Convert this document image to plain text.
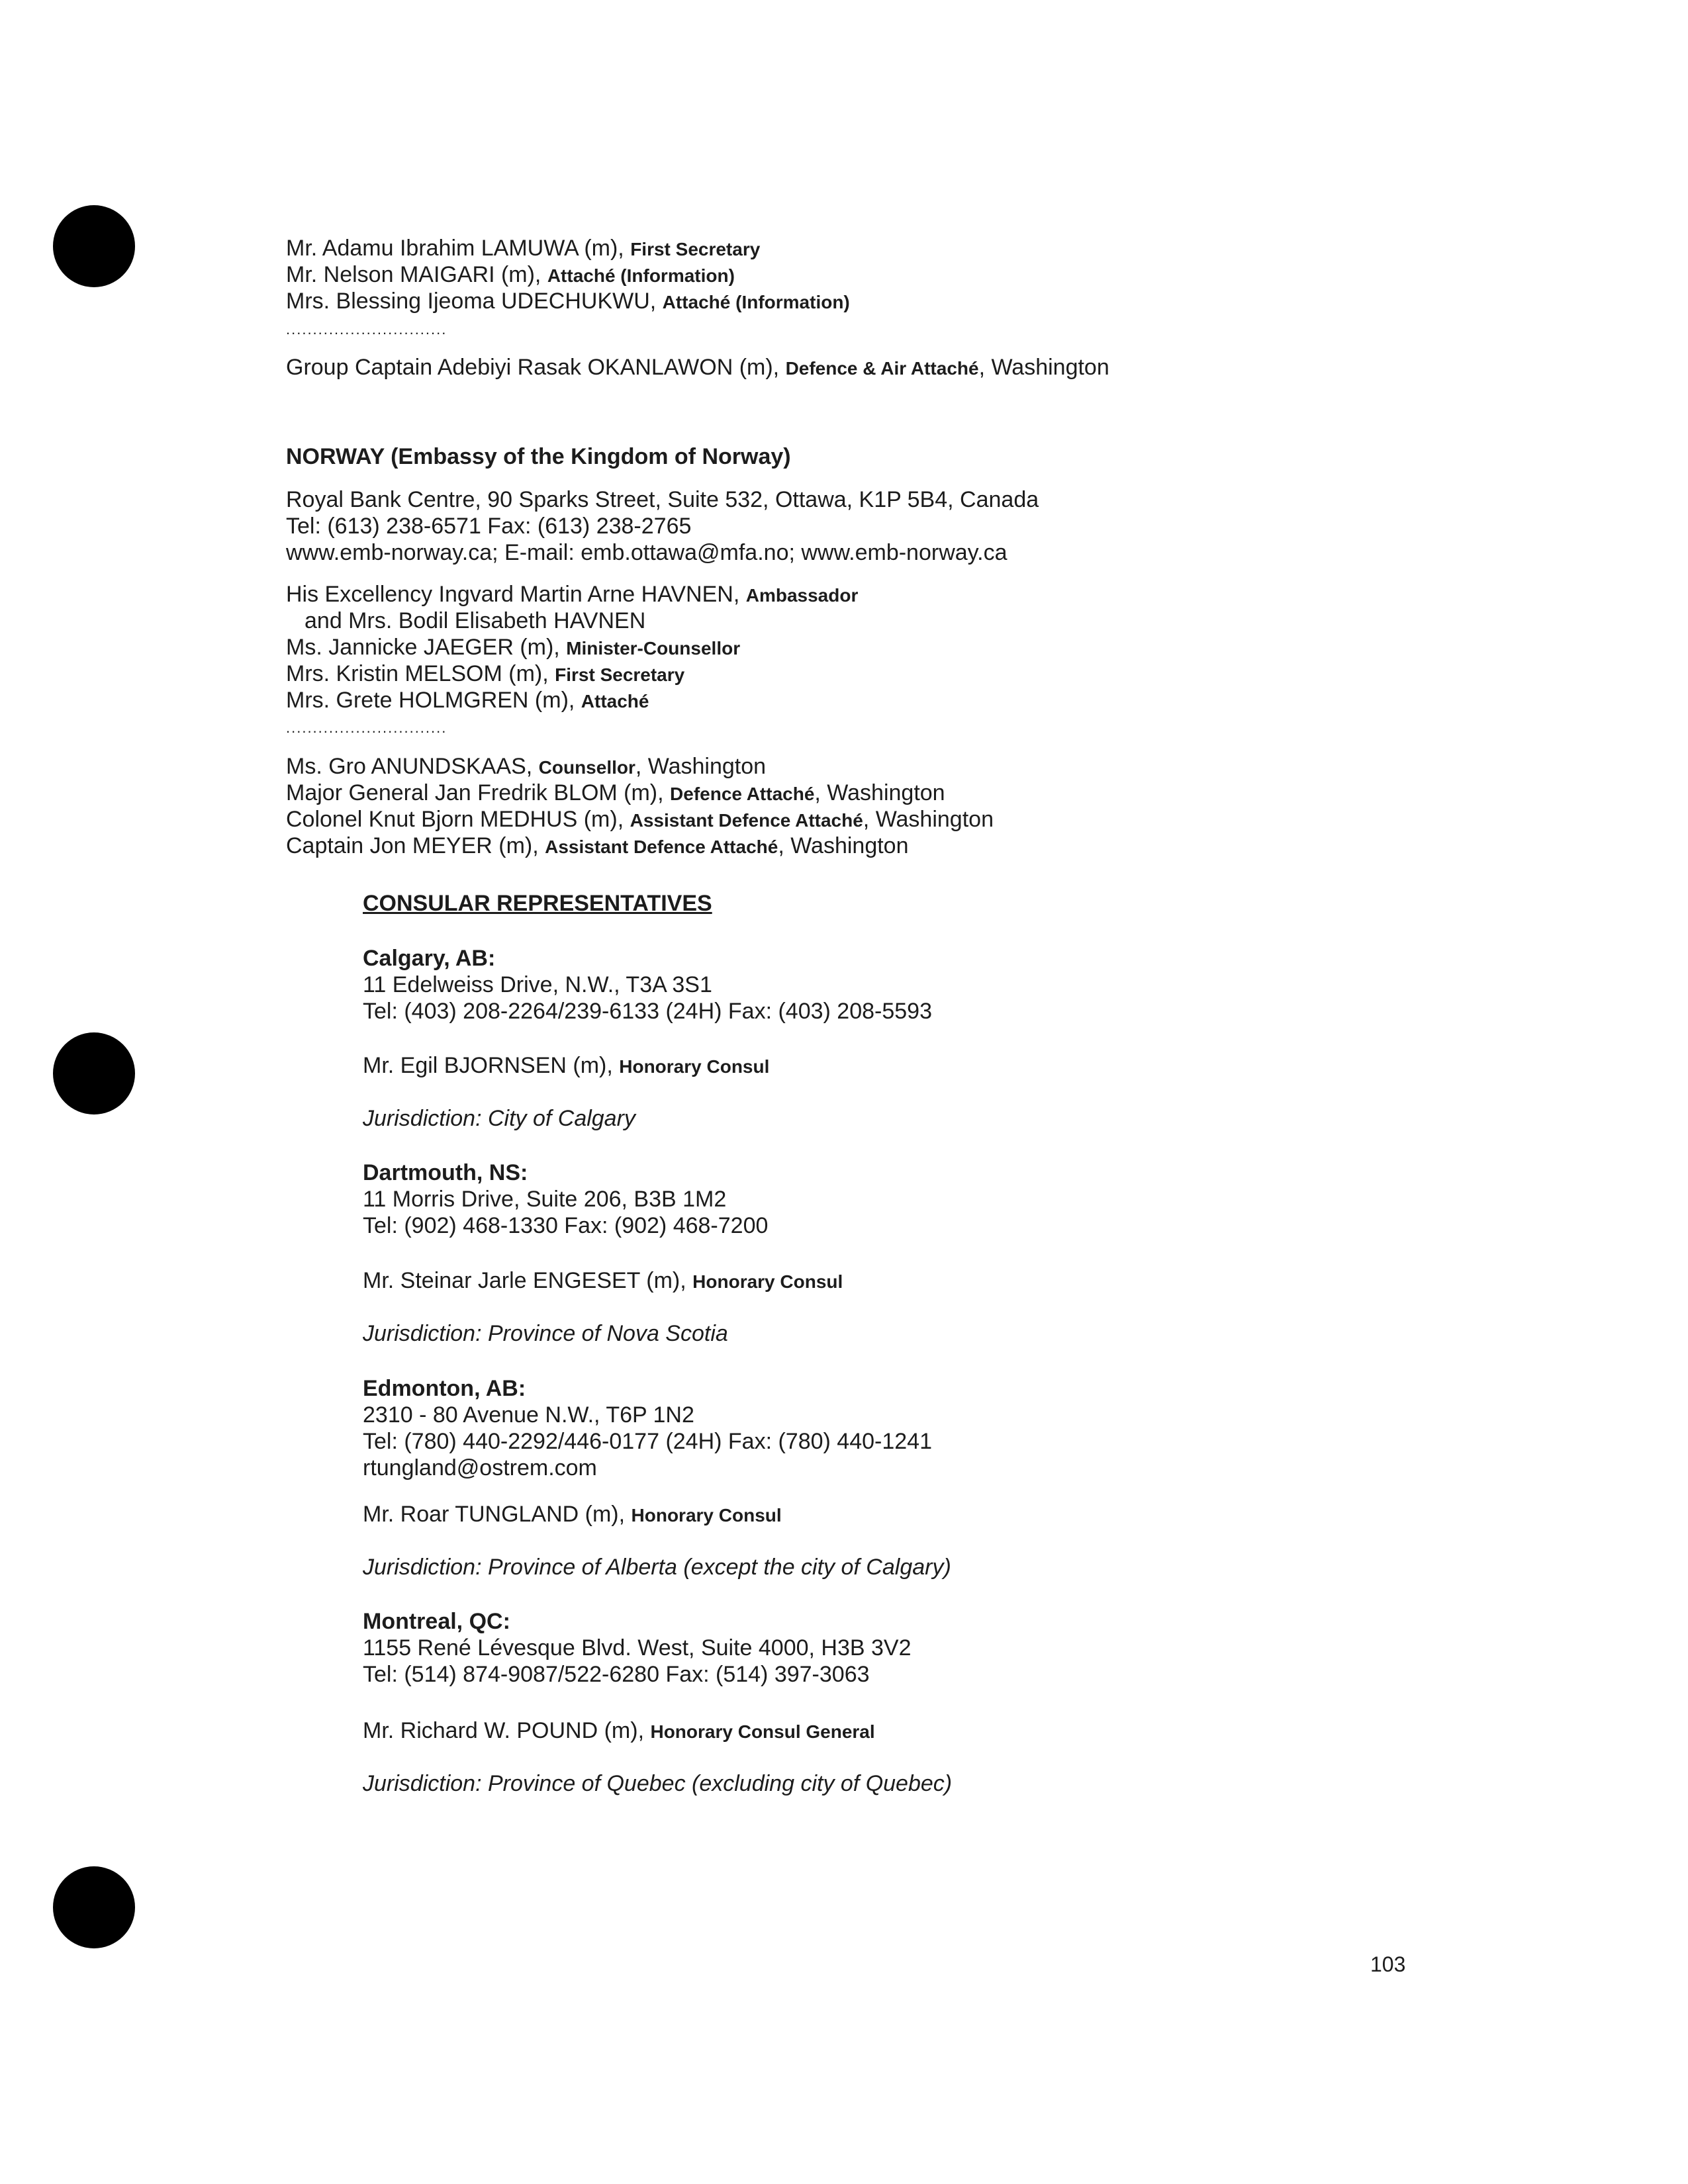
Mr. Adamu Ibrahim LAMUWA (m), First Secretary
Mr. Nelson MAIGARI (m), Attaché (Information)
Mrs. Blessing Ijeoma UDECHUKWU, Attaché (Information)
..............................
Group Captain Adebiyi Rasak OKANLAWON (m), Defence & Air Attaché, Washington
NORWAY (Embassy of the Kingdom of Norway)
Royal Bank Centre, 90 Sparks Street, Suite 532, Ottawa, K1P 5B4, Canada
Tel: (613) 238-6571 Fax: (613) 238-2765
www.emb-norway.ca; E-mail: emb.ottawa@mfa.no; www.emb-norway.ca
His Excellency Ingvard Martin Arne HAVNEN, Ambassador
and Mrs. Bodil Elisabeth HAVNEN
Ms. Jannicke JAEGER (m), Minister-Counsellor
Mrs. Kristin MELSOM (m), First Secretary
Mrs. Grete HOLMGREN (m), Attaché
..............................
Ms. Gro ANUNDSKAAS, Counsellor, Washington
Major General Jan Fredrik BLOM (m), Defence Attaché, Washington
Colonel Knut Bjorn MEDHUS (m), Assistant Defence Attaché, Washington
Captain Jon MEYER (m), Assistant Defence Attaché, Washington
CONSULAR REPRESENTATIVES
Calgary, AB:
11 Edelweiss Drive, N.W., T3A 3S1
Tel: (403) 208-2264/239-6133 (24H) Fax: (403) 208-5593
Mr. Egil BJORNSEN (m), Honorary Consul
Jurisdiction: City of Calgary
Dartmouth, NS:
11 Morris Drive, Suite 206, B3B 1M2
Tel: (902) 468-1330 Fax: (902) 468-7200
Mr. Steinar Jarle ENGESET (m), Honorary Consul
Jurisdiction: Province of Nova Scotia
Edmonton, AB:
2310 - 80 Avenue N.W., T6P 1N2
Tel: (780) 440-2292/446-0177 (24H) Fax: (780) 440-1241
rtungland@ostrem.com
Mr. Roar TUNGLAND (m), Honorary Consul
Jurisdiction: Province of Alberta (except the city of Calgary)
Montreal, QC:
1155 René Lévesque Blvd. West, Suite 4000, H3B 3V2
Tel: (514) 874-9087/522-6280 Fax: (514) 397-3063
Mr. Richard W. POUND (m), Honorary Consul General
Jurisdiction: Province of Quebec (excluding city of Quebec)
103
